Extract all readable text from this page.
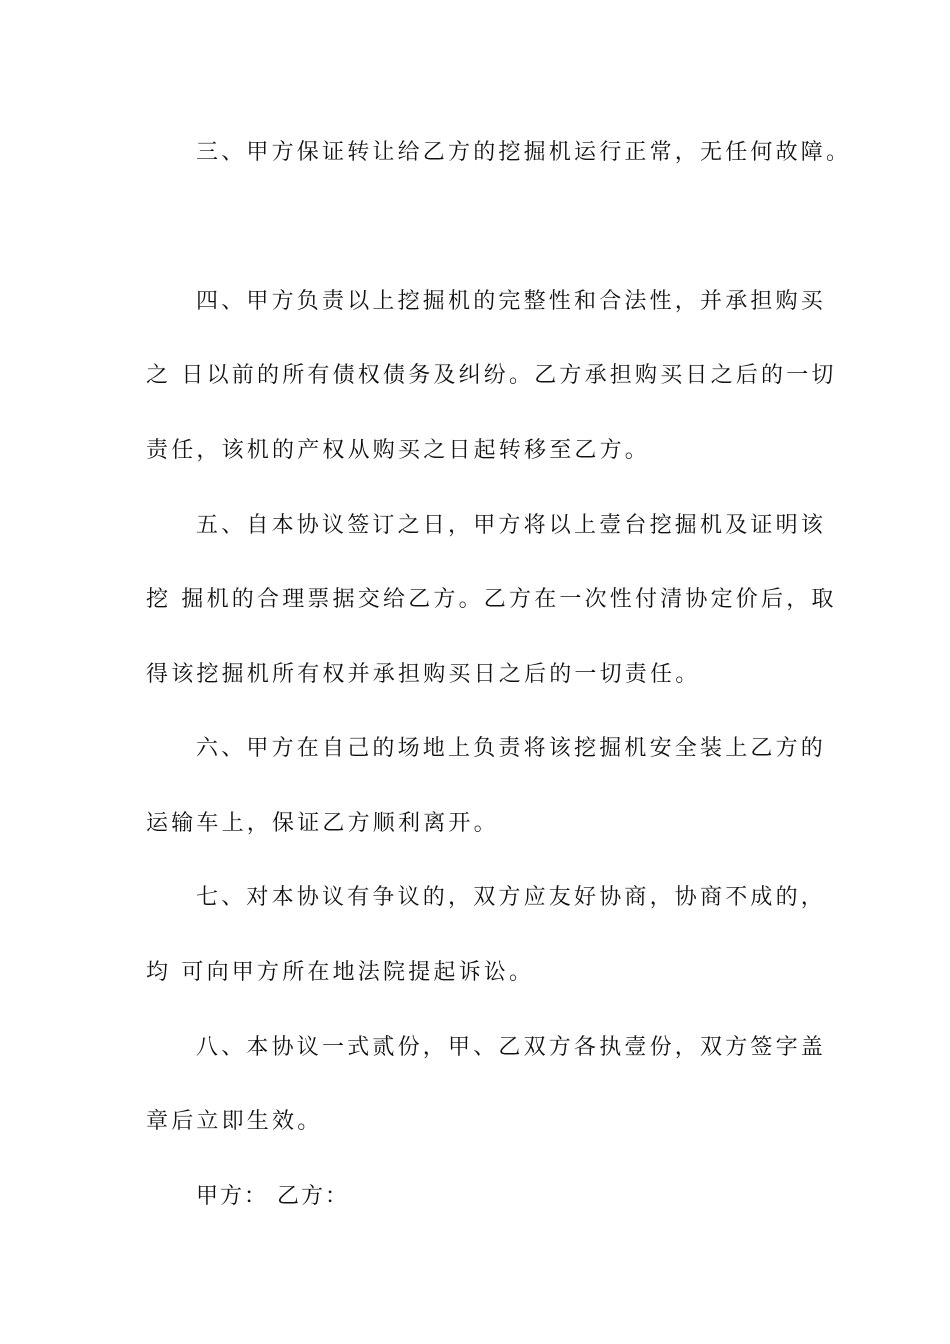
三、甲方保证转让给乙方的挖掘机运行正常，无任何故障。
四、甲方负责以上挖掘机的完整性和合法性，并承担购买
之 日以前的所有债权债务及纠纷。乙方承担购买日之后的一切
责任，该机的产权从购买之日起转移至乙方。
五、自本协议签订之日，甲方将以上壹台挖掘机及证明该
挖 掘机的合理票据交给乙方。乙方在一次性付清协定价后，取
得该挖掘机所有权并承担购买日之后的一切责任。
六、甲方在自己的场地上负责将该挖掘机安全装上乙方的
运输车上，保证乙方顺利离开。
七、对本协议有争议的，双方应友好协商，协商不成的，
均 可向甲方所在地法院提起诉讼。
八、本协议一式贰份，甲、乙双方各执壹份，双方签字盖
章后立即生效。
甲方： 乙方：
